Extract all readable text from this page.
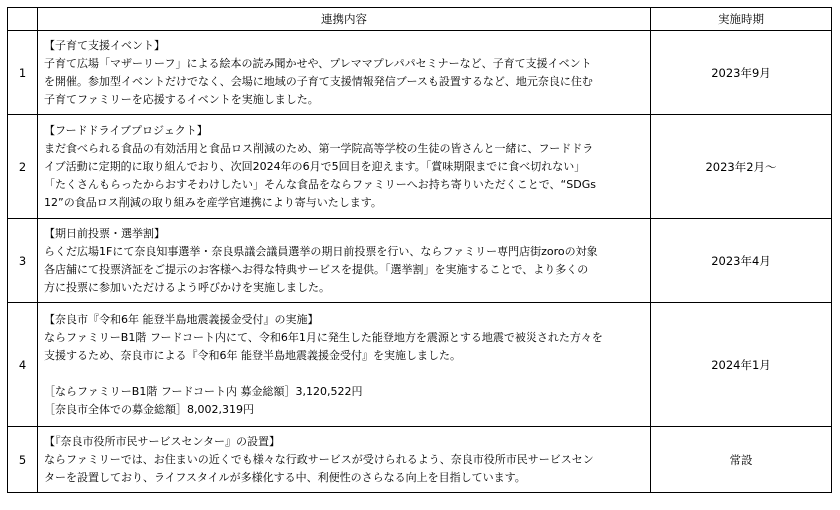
	連携内容	実施時期
1	【子育て支援イベント】
子育て広場「マザーリーフ」による絵本の読み聞かせや、プレママプレパパセミナーなど、子育て支援イベント
を開催。参加型イベントだけでなく、会場に地域の子育て支援情報発信ブースも設置するなど、地元奈良に住む
子育てファミリーを応援するイベントを実施しました。	2023年9月
2	【フードドライブプロジェクト】
まだ食べられる食品の有効活用と食品ロス削減のため、第一学院高等学校の生徒の皆さんと一緒に、フードドラ
イブ活動に定期的に取り組んでおり、次回2024年の6月で5回目を迎えます。「賞味期限までに食べ切れない」
「たくさんもらったからおすそわけしたい」そんな食品をならファミリーへお持ち寄りいただくことで、“SDGs
12”の食品ロス削減の取り組みを産学官連携により寄与いたします。	2023年2月～
3	【期日前投票・選挙割】
らくだ広場1Fにて奈良知事選挙・奈良県議会議員選挙の期日前投票を行い、ならファミリー専門店街zoroの対象
各店舗にて投票済証をご提示のお客様へお得な特典サービスを提供。「選挙割」を実施することで、より多くの
方に投票に参加いただけるよう呼びかけを実施しました。	2023年4月
4	【奈良市『令和6年 能登半島地震義援金受付』の実施】
ならファミリーB1階 フードコート内にて、令和6年1月に発生した能登地方を震源とする地震で被災された方々を
支援するため、奈良市による『令和6年 能登半島地震義援金受付』を実施しました。
［ならファミリーB1階 フードコート内 募金総額］3,120,522円
［奈良市全体での募金総額］8,002,319円	2024年1月
5	【『奈良市役所市民サービスセンター』の設置】
ならファミリーでは、お住まいの近くでも様々な行政サービスが受けられるよう、奈良市役所市民サービスセン
ターを設置しており、ライフスタイルが多様化する中、利便性のさらなる向上を目指しています。	常設
